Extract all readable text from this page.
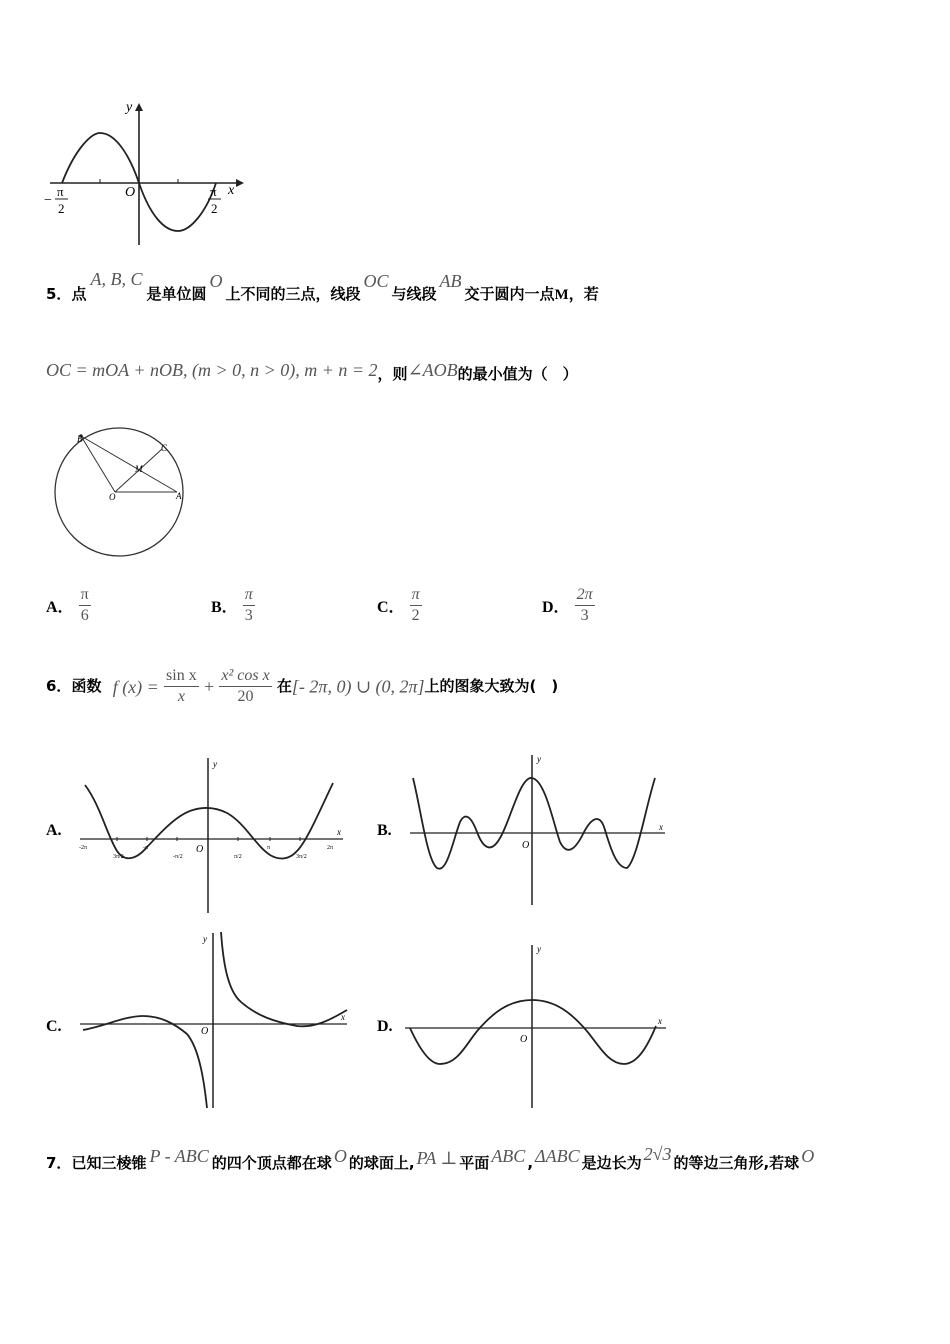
y
x
O
−
π
2
π
2
5．点A, B, C是单位圆O上不同的三点，线段OC与线段AB交于圆内一点M，若
OC = mOA + nOB, (m > 0, n > 0), m + n = 2，则∠AOB的最小值为（　）
B
C
M
O	A
A． $\frac{\pi}{6}$	B． $\frac{\pi}{3}$	C． $\frac{\pi}{2}$	D． $\frac{2\pi}{3}$
6．函数 f $(x) = \frac{\text{sin x}}{x} + \frac{\text{x² cos x}}{20}$ 在[- 2π, 0) ∪ (0, 2π]上的图象大致为(　)
A.	B.
C.	D.
y
x
O
-2π
3π/2
-π
-π/2	π/2
π
3π/2
2π
y
x
O
y
x
O
y
x
O
7．已知三棱锥 P - ABC 的四个顶点都在球 O 的球面上, PA ⊥ 平面 ABC , ΔABC 是边长为 2√3 的等边三角形,若球 O
